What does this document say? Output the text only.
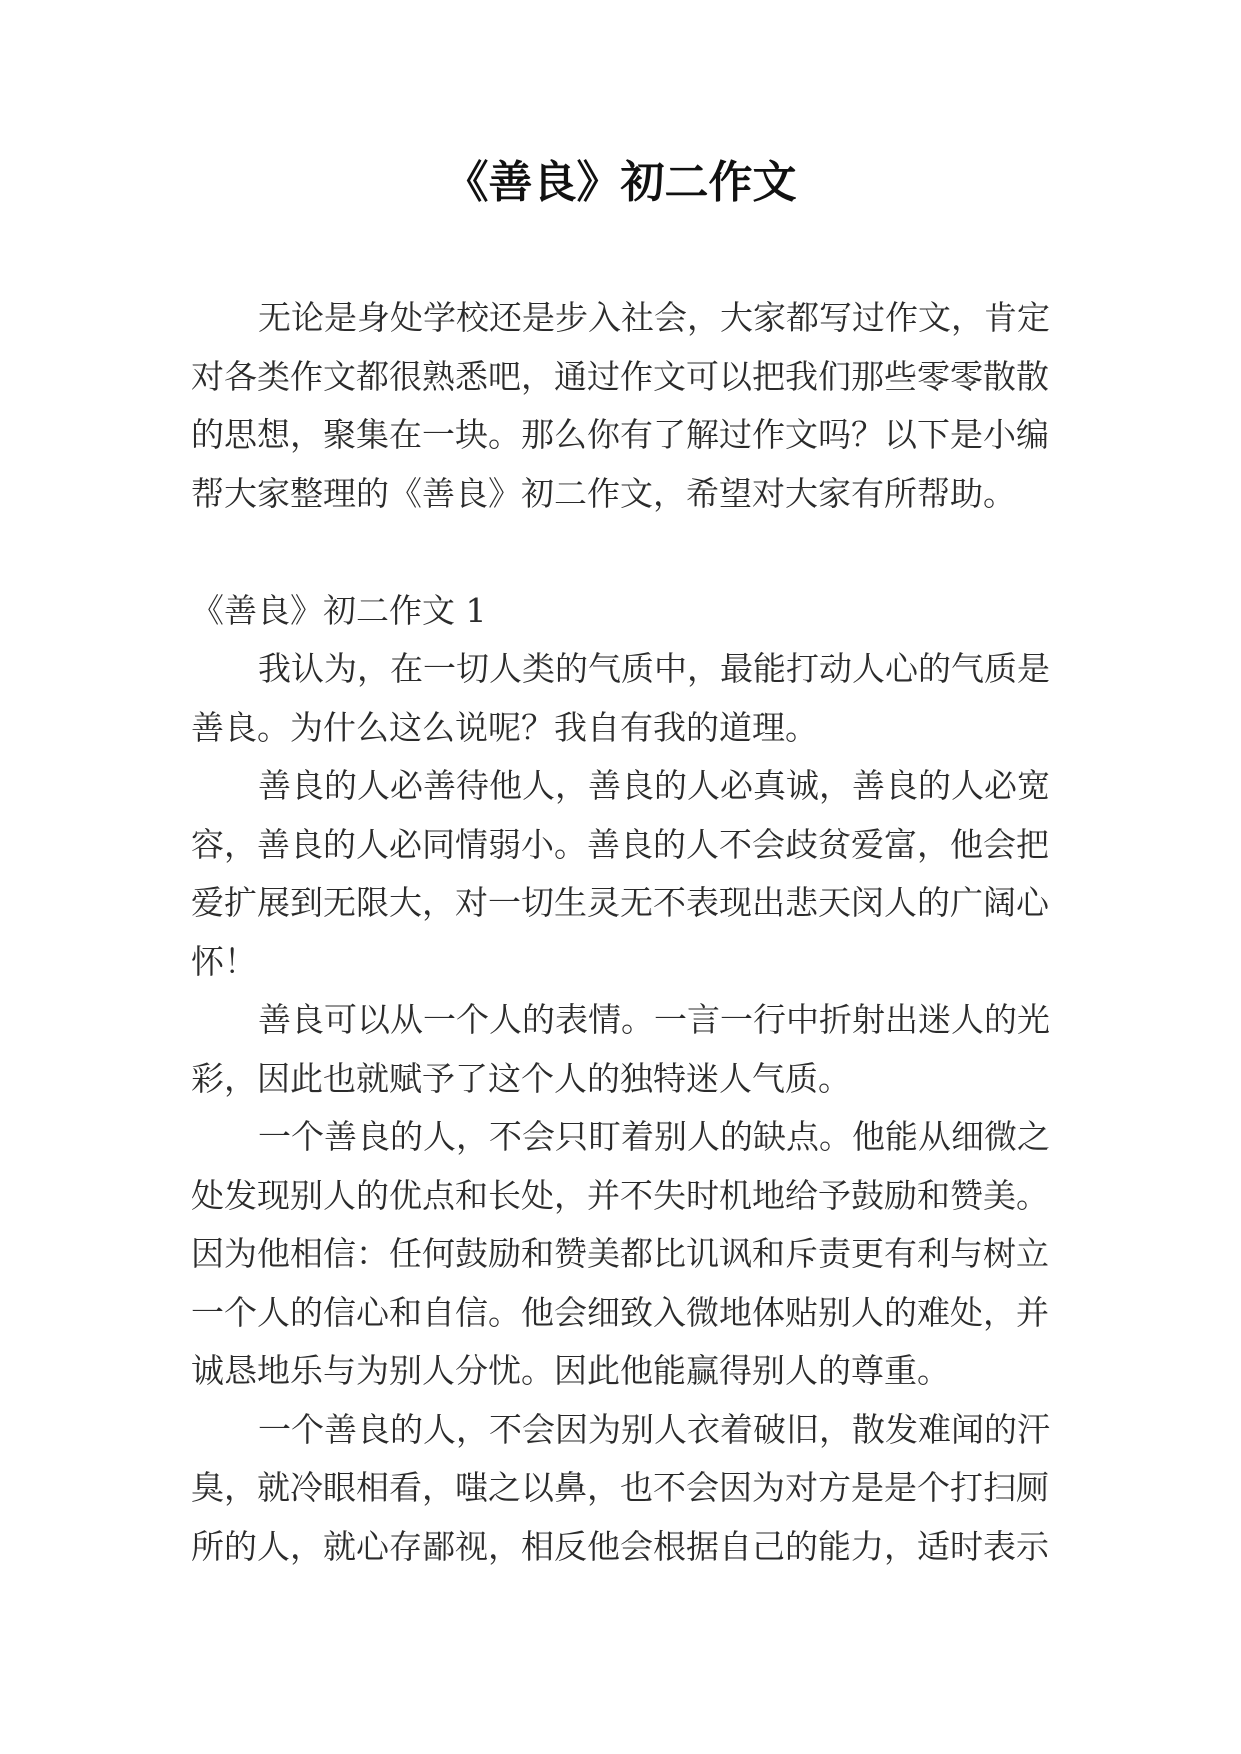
《善良》初二作文
无论是身处学校还是步入社会，大家都写过作文，肯定
对各类作文都很熟悉吧，通过作文可以把我们那些零零散散
的思想，聚集在一块。那么你有了解过作文吗？以下是小编
帮大家整理的《善良》初二作文，希望对大家有所帮助。
《善良》初二作文 1
我认为，在一切人类的气质中，最能打动人心的气质是
善良。为什么这么说呢？我自有我的道理。
善良的人必善待他人，善良的人必真诚，善良的人必宽
容，善良的人必同情弱小。善良的人不会歧贫爱富，他会把
爱扩展到无限大，对一切生灵无不表现出悲天闵人的广阔心
怀！
善良可以从一个人的表情。一言一行中折射出迷人的光
彩，因此也就赋予了这个人的独特迷人气质。
一个善良的人，不会只盯着别人的缺点。他能从细微之
处发现别人的优点和长处，并不失时机地给予鼓励和赞美。
因为他相信：任何鼓励和赞美都比讥讽和斥责更有利与树立
一个人的信心和自信。他会细致入微地体贴别人的难处，并
诚恳地乐与为别人分忧。因此他能赢得别人的尊重。
一个善良的人，不会因为别人衣着破旧，散发难闻的汗
臭，就冷眼相看，嗤之以鼻，也不会因为对方是是个打扫厕
所的人，就心存鄙视，相反他会根据自己的能力，适时表示
